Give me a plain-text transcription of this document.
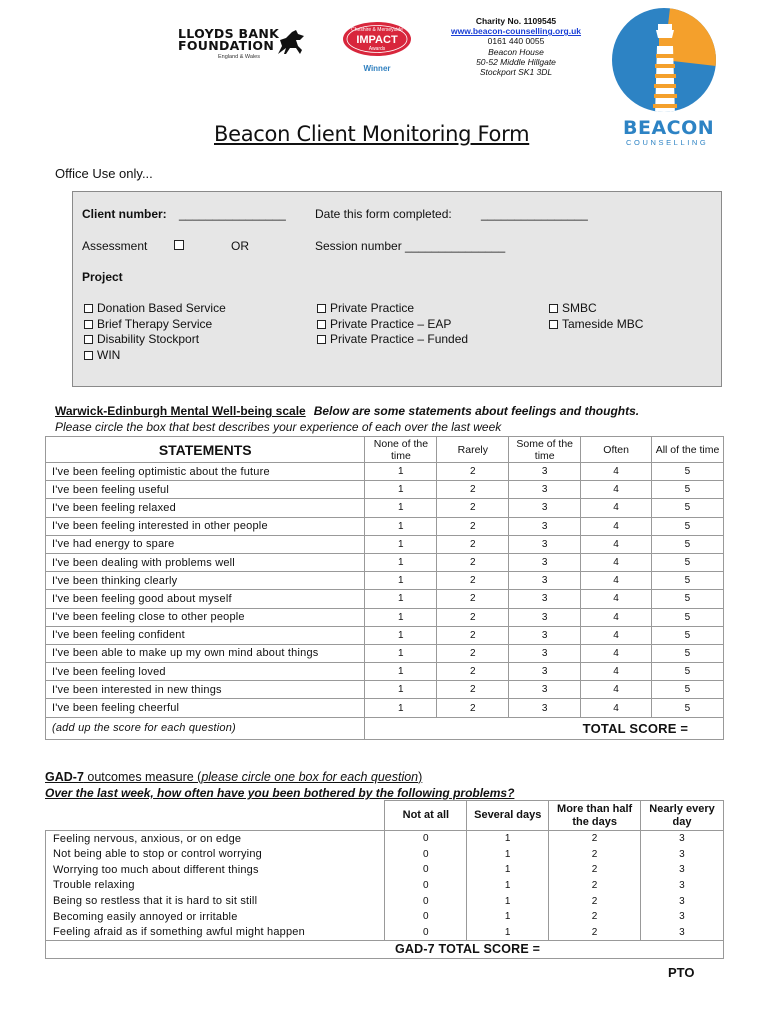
LLOYDS BANK
FOUNDATION
England & Wales
Cheshire & Merseyside
IMPACT
Awards
Winner
Charity No. 1109545
www.beacon-counselling.org.uk
0161 440 0055
Beacon House
50-52 Middle Hillgate
Stockport SK1 3DL
BEACON
COUNSELLING
Beacon Client Monitoring Form
Office Use only...
Client number: ________________ Date this form completed: ________________
Assessment	OR	Session number _______________
Project
Donation Based Service
Brief Therapy Service
Disability Stockport
WIN
Private Practice
Private Practice – EAP
Private Practice – Funded
SMBC
Tameside MBC
Warwick-Edinburgh Mental Well-being scale Below are some statements about feelings and thoughts.
Please circle the box that best describes your experience of each over the last week
STATEMENTS	None of the time	Rarely	Some of the time	Often	All of the time
I've been feeling optimistic about the future	1	2	3	4	5
I've been feeling useful	1	2	3	4	5
I've been feeling relaxed	1	2	3	4	5
I've been feeling interested in other people	1	2	3	4	5
I've had energy to spare	1	2	3	4	5
I've been dealing with problems well	1	2	3	4	5
I've been thinking clearly	1	2	3	4	5
I've been feeling good about myself	1	2	3	4	5
I've been feeling close to other people	1	2	3	4	5
I've been feeling confident	1	2	3	4	5
I've been able to make up my own mind about things	1	2	3	4	5
I've been feeling loved	1	2	3	4	5
I've been interested in new things	1	2	3	4	5
I've been feeling cheerful	1	2	3	4	5
(add up the score for each question)				TOTAL SCORE =	
GAD-7 outcomes measure (please circle one box for each question)
Over the last week, how often have you been bothered by the following problems?
	Not at all	Several days	More than half the days	Nearly every day
Feeling nervous, anxious, or on edge	0	1	2	3
Not being able to stop or control worrying	0	1	2	3
Worrying too much about different things	0	1	2	3
Trouble relaxing	0	1	2	3
Being so restless that it is hard to sit still	0	1	2	3
Becoming easily annoyed or irritable	0	1	2	3
Feeling afraid as if something awful might happen	0	1	2	3
	GAD-7 TOTAL SCORE =			
PTO
